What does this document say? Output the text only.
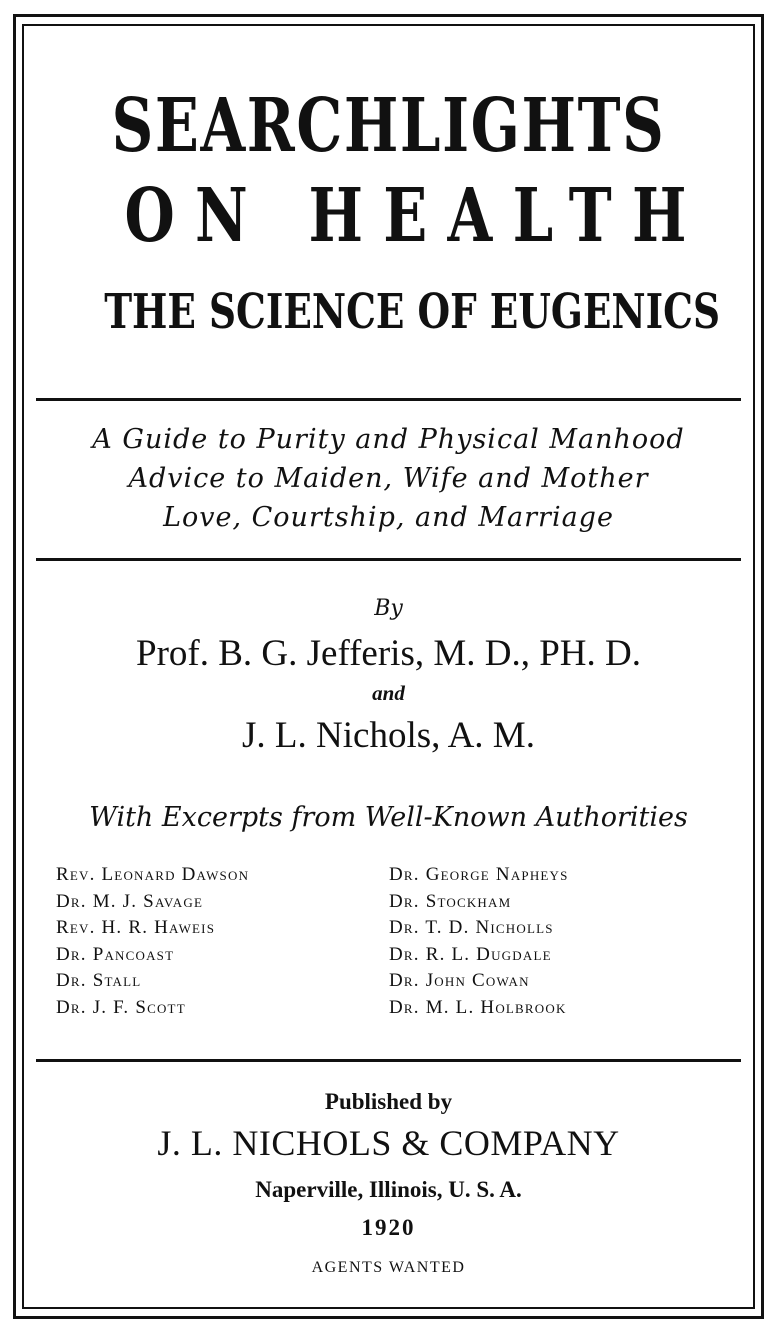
SEARCHLIGHTS
ON HEALTH
THE SCIENCE OF EUGENICS
A Guide to Purity and Physical Manhood
Advice to Maiden, Wife and Mother
Love, Courtship, and Marriage
By
Prof. B. G. Jefferis, M. D., PH. D.
and
J. L. Nichols, A. M.
With Excerpts from Well-Known Authorities
Rev. Leonard Dawson
Dr. M. J. Savage
Rev. H. R. Haweis
Dr. Pancoast
Dr. Stall
Dr. J. F. Scott
Dr. George Napheys
Dr. Stockham
Dr. T. D. Nicholls
Dr. R. L. Dugdale
Dr. John Cowan
Dr. M. L. Holbrook
Published by
J. L. NICHOLS & COMPANY
Naperville, Illinois, U. S. A.
1920
AGENTS WANTED
